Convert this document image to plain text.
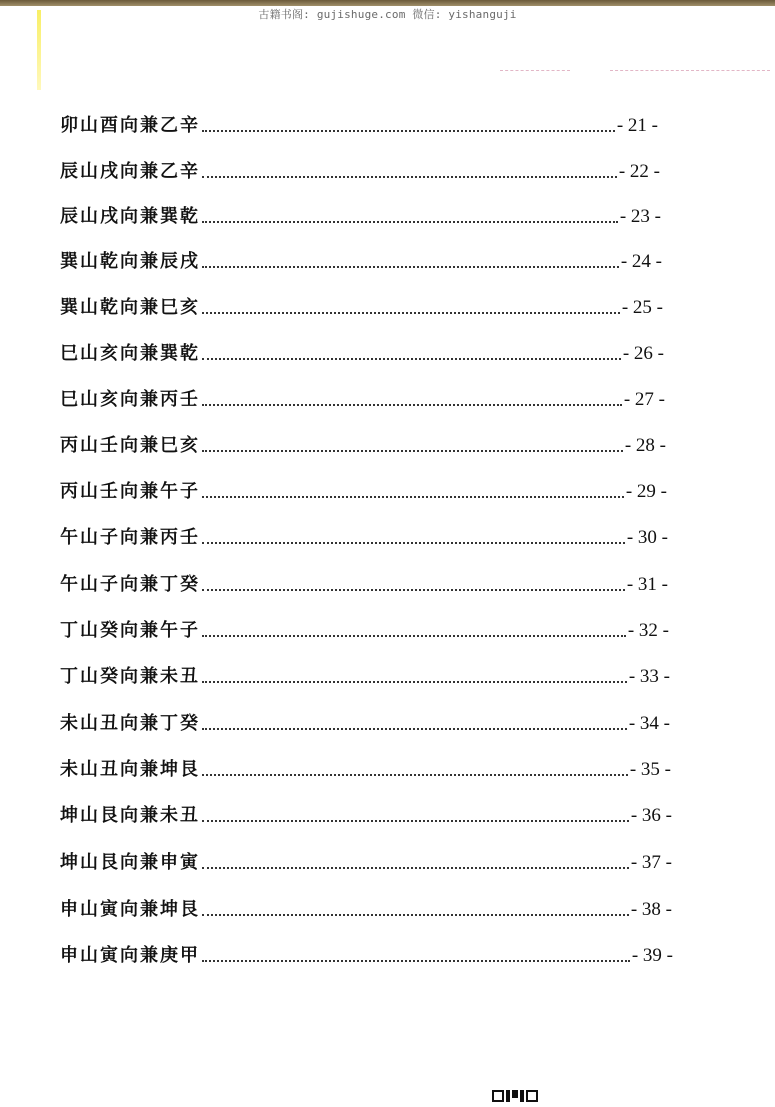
古籍书阁: gujishuge.com 微信: yishanguji
卯山酉向兼乙辛	- 21 -
辰山戌向兼乙辛	- 22 -
辰山戌向兼巽乾	- 23 -
巽山乾向兼辰戌	- 24 -
巽山乾向兼巳亥	- 25 -
巳山亥向兼巽乾	- 26 -
巳山亥向兼丙壬	- 27 -
丙山壬向兼巳亥	- 28 -
丙山壬向兼午子	- 29 -
午山子向兼丙壬	- 30 -
午山子向兼丁癸	- 31 -
丁山癸向兼午子	- 32 -
丁山癸向兼未丑	- 33 -
未山丑向兼丁癸	- 34 -
未山丑向兼坤艮	- 35 -
坤山艮向兼未丑	- 36 -
坤山艮向兼申寅	- 37 -
申山寅向兼坤艮	- 38 -
申山寅向兼庚甲	- 39 -
